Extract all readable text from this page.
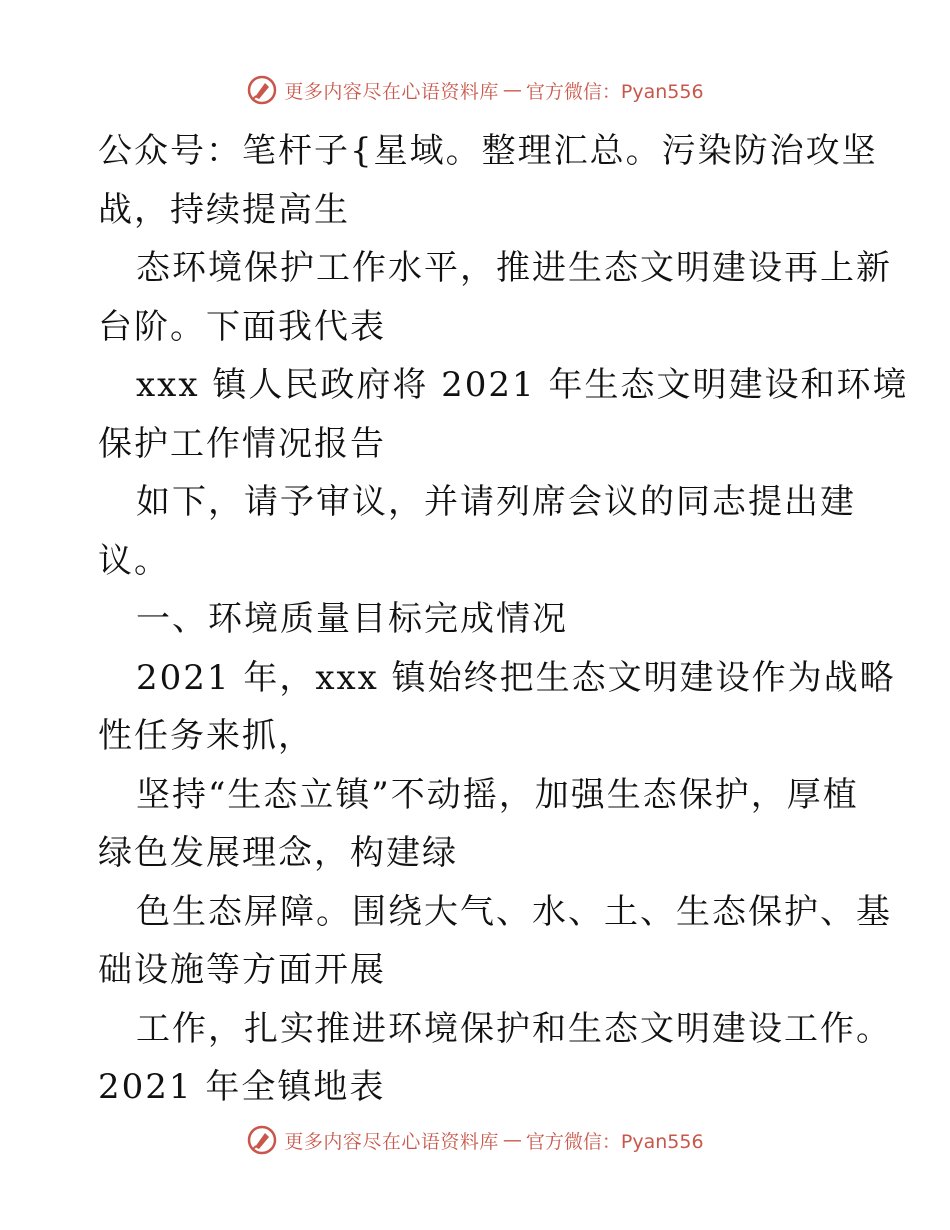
更多内容尽在心语资料库 — 官方微信：Pyan556
公众号：笔杆子{星域。整理汇总。污染防治攻坚
战，持续提高生
态环境保护工作水平，推进生态文明建设再上新
台阶。下面我代表
xxx 镇人民政府将 2021 年生态文明建设和环境
保护工作情况报告
如下，请予审议，并请列席会议的同志提出建
议。
一、环境质量目标完成情况
2021 年，xxx 镇始终把生态文明建设作为战略
性任务来抓，
坚持“生态立镇”不动摇，加强生态保护，厚植
绿色发展理念，构建绿
色生态屏障。围绕大气、水、土、生态保护、基
础设施等方面开展
工作，扎实推进环境保护和生态文明建设工作。
2021 年全镇地表
更多内容尽在心语资料库 — 官方微信：Pyan556
